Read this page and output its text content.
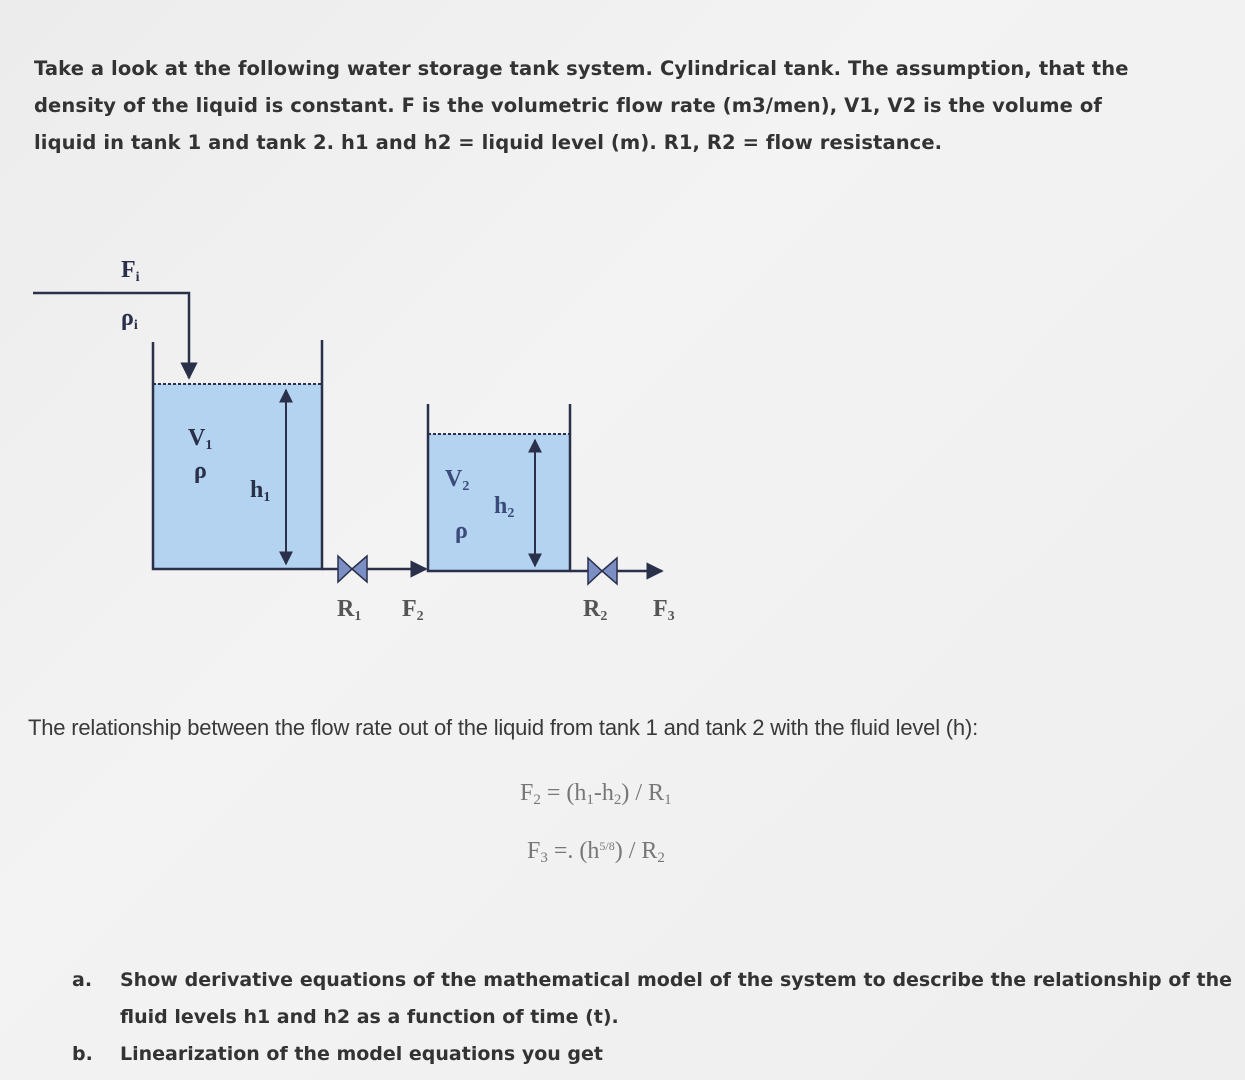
Take a look at the following water storage tank system. Cylindrical tank. The assumption, that the
density of the liquid is constant. F is the volumetric flow rate (m3/men), V1, V2 is the volume of
liquid in tank 1 and tank 2. h1 and h2 = liquid level (m). R1, R2 = flow resistance.
Fi
ρi
V1
ρ
h1
R1 F2
V2
ρ
h2
R2 F3
The relationship between the flow rate out of the liquid from tank 1 and tank 2 with the fluid level (h):
$F_2 = (h_1-h_2) / R_1$
$F_3$ =. $(h^{5/8}) / R_2$
a. Show derivative equations of the mathematical model of the system to describe the relationship of the fluid levels h1 and h2 as a function of time (t).
b. Linearization of the model equations you get
